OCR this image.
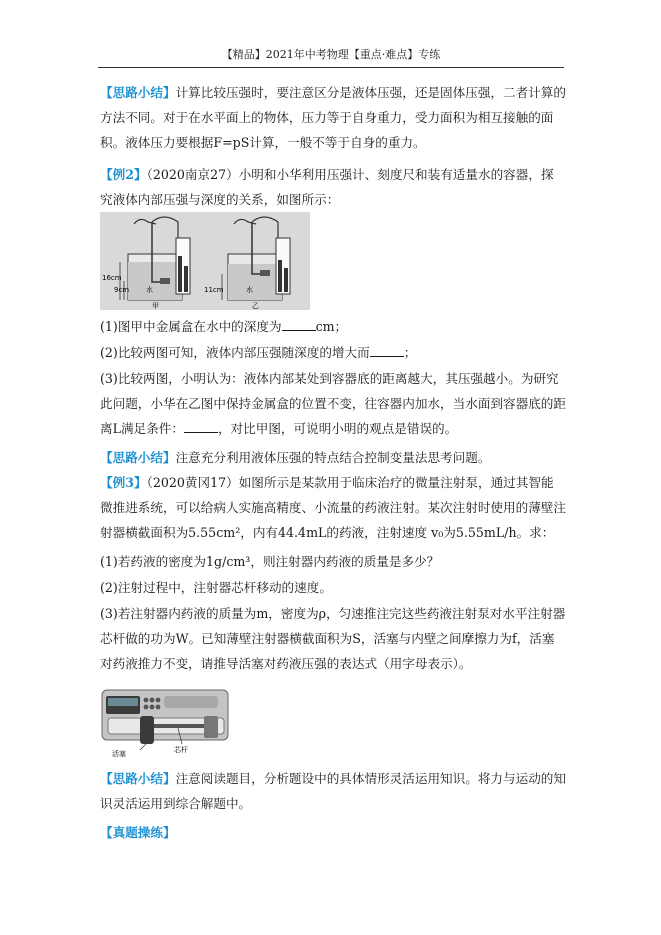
【精品】2021年中考物理【重点·难点】专练

【思路小结】计算比较压强时，要注意区分是液体压强，还是固体压强，二者计算的方法不同。对于在水平面上的物体，压力等于自身重力，受力面积为相互接触的面积。液体压力要根据F=pS计算，一般不等于自身的重力。

【例2】（2020南京27）小明和小华利用压强计、刻度尺和装有适量水的容器，探究液体内部压强与深度的关系，如图所示：

16cm
9cm 水
甲
11cm	水
乙

(1)图甲中金属盒在水中的深度为	cm；

(2)比较两图可知，液体内部压强随深度的增大而	；

(3)比较两图，小明认为：液体内部某处到容器底的距离越大，其压强越小。为研究此问题，小华在乙图中保持金属盒的位置不变，往容器内加水，当水面到容器底的距离L满足条件：	，对比甲图，可说明小明的观点是错误的。

【思路小结】注意充分利用液体压强的特点结合控制变量法思考问题。

【例3】（2020黄冈17）如图所示是某款用于临床治疗的微量注射泵，通过其智能微推进系统，可以给病人实施高精度、小流量的药液注射。某次注射时使用的薄壁注射器横截面积为5.55cm²，内有44.4mL的药液，注射速度 v₀为5.55mL/h。求：

(1)若药液的密度为1g/cm³，则注射器内药液的质量是多少？

(2)注射过程中，注射器芯杆移动的速度。

(3)若注射器内药液的质量为m，密度为ρ，匀速推注完这些药液注射泵对水平注射器芯杆做的功为W。已知薄壁注射器横截面积为S，活塞与内壁之间摩擦力为f，活塞对药液推力不变，请推导活塞对药液压强的表达式（用字母表示）。

活塞	芯杆

【思路小结】注意阅读题目，分析题设中的具体情形灵活运用知识。将力与运动的知识灵活运用到综合解题中。

【真题操练】
